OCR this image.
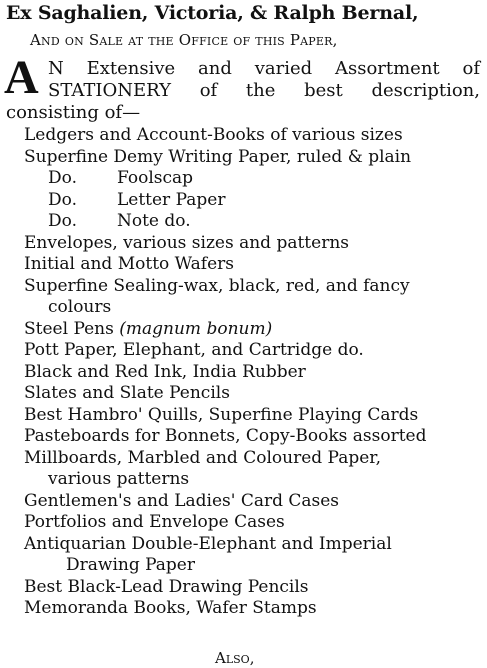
Ex Saghalien, Victoria, & Ralph Bernal,
And on Sale at the Office of this Paper,
A N Extensive and varied Assortment of
STATIONERY of the best description,
consisting of—
Ledgers and Account-Books of various sizes
Superfine Demy Writing Paper, ruled & plain
Do. Foolscap
Do. Letter Paper
Do. Note do.
Envelopes, various sizes and patterns
Initial and Motto Wafers
Superfine Sealing-wax, black, red, and fancy
colours
Steel Pens (magnum bonum)
Pott Paper, Elephant, and Cartridge do.
Black and Red Ink, India Rubber
Slates and Slate Pencils
Best Hambro' Quills, Superfine Playing Cards
Pasteboards for Bonnets, Copy-Books assorted
Millboards, Marbled and Coloured Paper,
various patterns
Gentlemen's and Ladies' Card Cases
Portfolios and Envelope Cases
Antiquarian Double-Elephant and Imperial
Drawing Paper
Best Black-Lead Drawing Pencils
Memoranda Books, Wafer Stamps
Also,
